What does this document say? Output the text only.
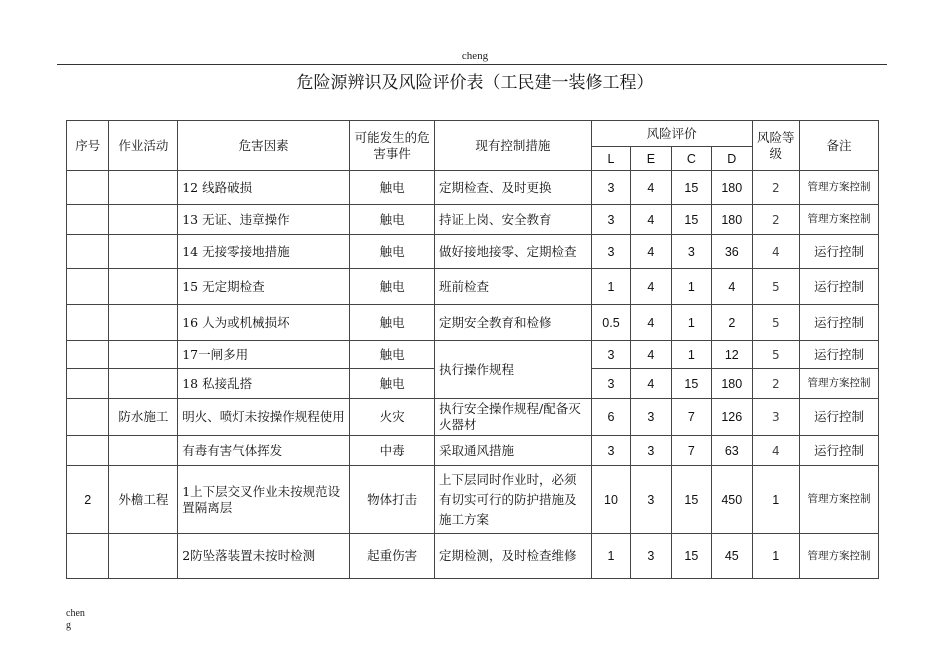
cheng
危险源辨识及风险评价表（工民建一装修工程）
序号	作业活动	危害因素	可能发生的危害事件	现有控制措施	风险评价				风险等级	备注
					L	E	C	D		
		12 线路破损	触电	定期检查、及时更换	3	4	15	180	2	管理方案控制
		13 无证、违章操作	触电	持证上岗、安全教育	3	4	15	180	2	管理方案控制
		14 无接零接地措施	触电	做好接地接零、定期检查	3	4	3	36	4	运行控制
		15 无定期检查	触电	班前检查	1	4	1	4	5	运行控制
		16 人为或机械损坏	触电	定期安全教育和检修	0.5	4	1	2	5	运行控制
		17一闸多用	触电	执行操作规程	3	4	1	12	5	运行控制
		18 私接乱搭	触电		3	4	15	180	2	管理方案控制
	防水施工	明火、喷灯未按操作规程使用	火灾	执行安全操作规程/配备灭火器材	6	3	7	126	3	运行控制
		有毒有害气体挥发	中毒	采取通风措施	3	3	7	63	4	运行控制
2	外檐工程	1上下层交叉作业未按规范设置隔离层	物体打击	上下层同时作业时，必须有切实可行的防护措施及施工方案	10	3	15	450	1	管理方案控制
		2防坠落装置未按时检测	起重伤害	定期检测，及时检查维修	1	3	15	45	1	管理方案控制
cheng
